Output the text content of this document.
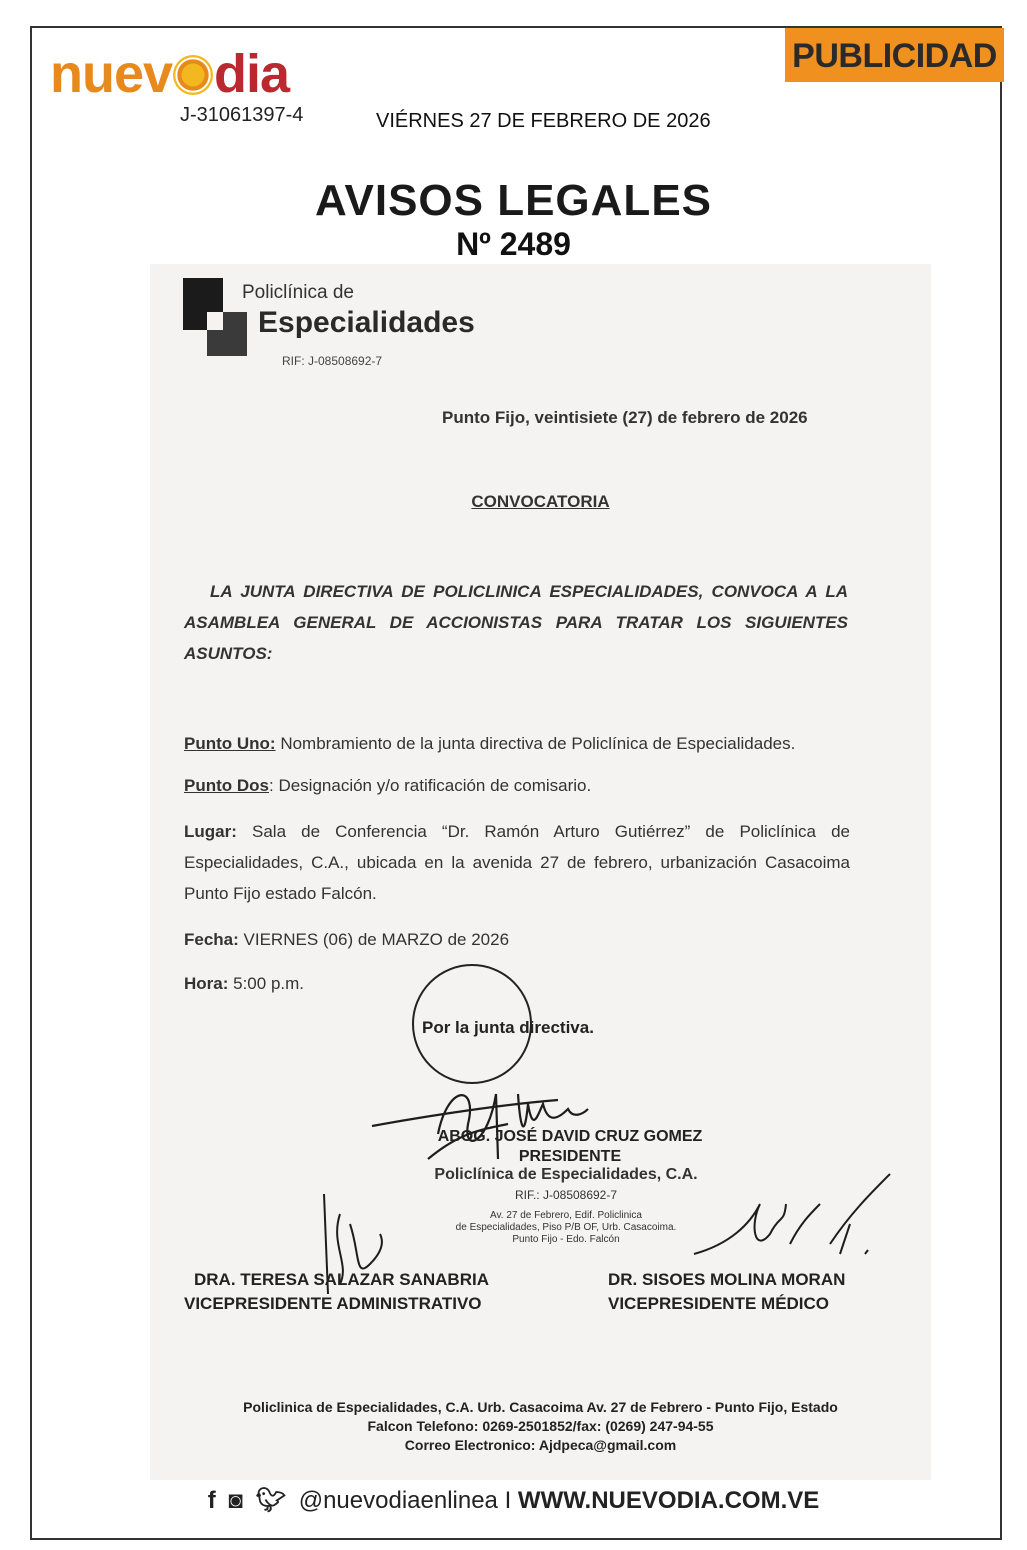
nuev dia
J-31061397-4	VIÉRNES 27 DE FEBRERO DE 2026
PUBLICIDAD
AVISOS LEGALES
Nº 2489
Policlínica de
Especialidades
RIF: J-08508692-7
Punto Fijo, veintisiete (27) de febrero de 2026
CONVOCATORIA
LA JUNTA DIRECTIVA DE POLICLINICA ESPECIALIDADES, CONVOCA A LA ASAMBLEA GENERAL DE ACCIONISTAS PARA TRATAR LOS SIGUIENTES ASUNTOS:
Punto Uno: Nombramiento de la junta directiva de Policlínica de Especialidades.
Punto Dos: Designación y/o ratificación de comisario.
Lugar: Sala de Conferencia “Dr. Ramón Arturo Gutiérrez” de Policlínica de Especialidades, C.A., ubicada en la avenida 27 de febrero, urbanización Casacoima Punto Fijo estado Falcón.
Fecha: VIERNES (06) de MARZO de 2026
Hora: 5:00 p.m.
Por la junta directiva.
ABOG. JOSÉ DAVID CRUZ GOMEZ
PRESIDENTE
Policlínica de Especialidades, C.A.
RIF.: J-08508692-7
Av. 27 de Febrero, Edif. Policlinica
de Especialidades, Piso P/B OF, Urb. Casacoima.
Punto Fijo - Edo. Falcón
DRA. TERESA SALAZAR SANABRIA
VICEPRESIDENTE ADMINISTRATIVO
DR. SISOES MOLINA MORAN
VICEPRESIDENTE MÉDICO
Policlinica de Especialidades, C.A. Urb. Casacoima Av. 27 de Febrero - Punto Fijo, Estado
Falcon Telefono: 0269-2501852/fax: (0269) 247-94-55
Correo Electronico: Ajdpeca@gmail.com
f ◙ 🐦︎ @nuevodiaenlinea I WWW.NUEVODIA.COM.VE
